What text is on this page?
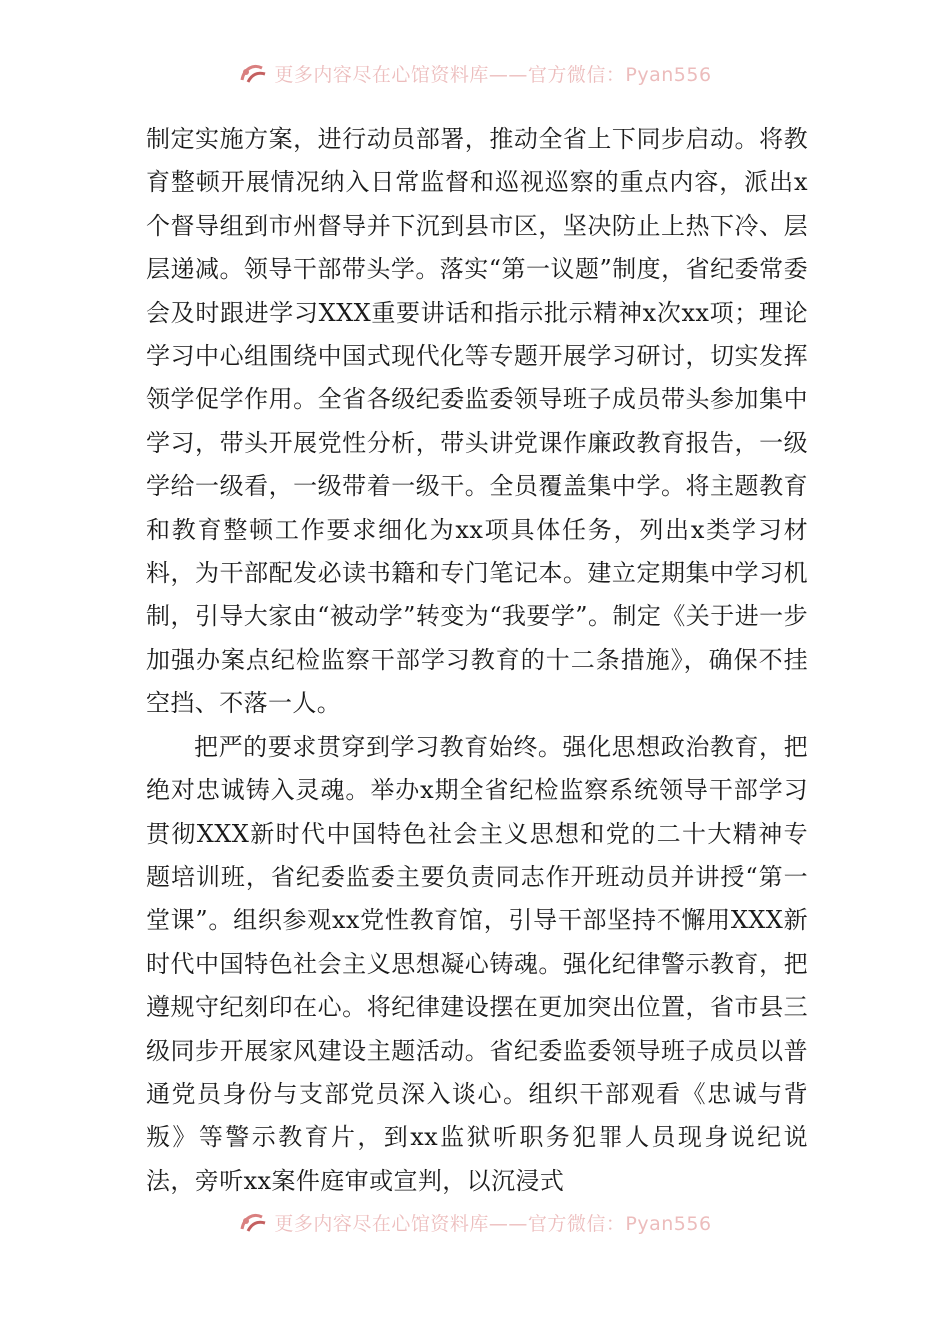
更多内容尽在心馆资料库——官方微信：Pyan556

制定实施方案，进行动员部署，推动全省上下同步启动。将教育整顿开展情况纳入日常监督和巡视巡察的重点内容，派出x个督导组到市州督导并下沉到县市区，坚决防止上热下冷、层层递减。领导干部带头学。落实“第一议题”制度，省纪委常委会及时跟进学习XXX重要讲话和指示批示精神x次xx项；理论学习中心组围绕中国式现代化等专题开展学习研讨，切实发挥领学促学作用。全省各级纪委监委领导班子成员带头参加集中学习，带头开展党性分析，带头讲党课作廉政教育报告，一级学给一级看，一级带着一级干。全员覆盖集中学。将主题教育和教育整顿工作要求细化为xx项具体任务，列出x类学习材料，为干部配发必读书籍和专门笔记本。建立定期集中学习机制，引导大家由“被动学”转变为“我要学”。制定《关于进一步加强办案点纪检监察干部学习教育的十二条措施》，确保不挂空挡、不落一人。

把严的要求贯穿到学习教育始终。强化思想政治教育，把绝对忠诚铸入灵魂。举办x期全省纪检监察系统领导干部学习贯彻XXX新时代中国特色社会主义思想和党的二十大精神专题培训班，省纪委监委主要负责同志作开班动员并讲授“第一堂课”。组织参观xx党性教育馆，引导干部坚持不懈用XXX新时代中国特色社会主义思想凝心铸魂。强化纪律警示教育，把遵规守纪刻印在心。将纪律建设摆在更加突出位置，省市县三级同步开展家风建设主题活动。省纪委监委领导班子成员以普通党员身份与支部党员深入谈心。组织干部观看《忠诚与背叛》等警示教育片，到xx监狱听职务犯罪人员现身说纪说法，旁听xx案件庭审或宣判，以沉浸式

更多内容尽在心馆资料库——官方微信：Pyan556
